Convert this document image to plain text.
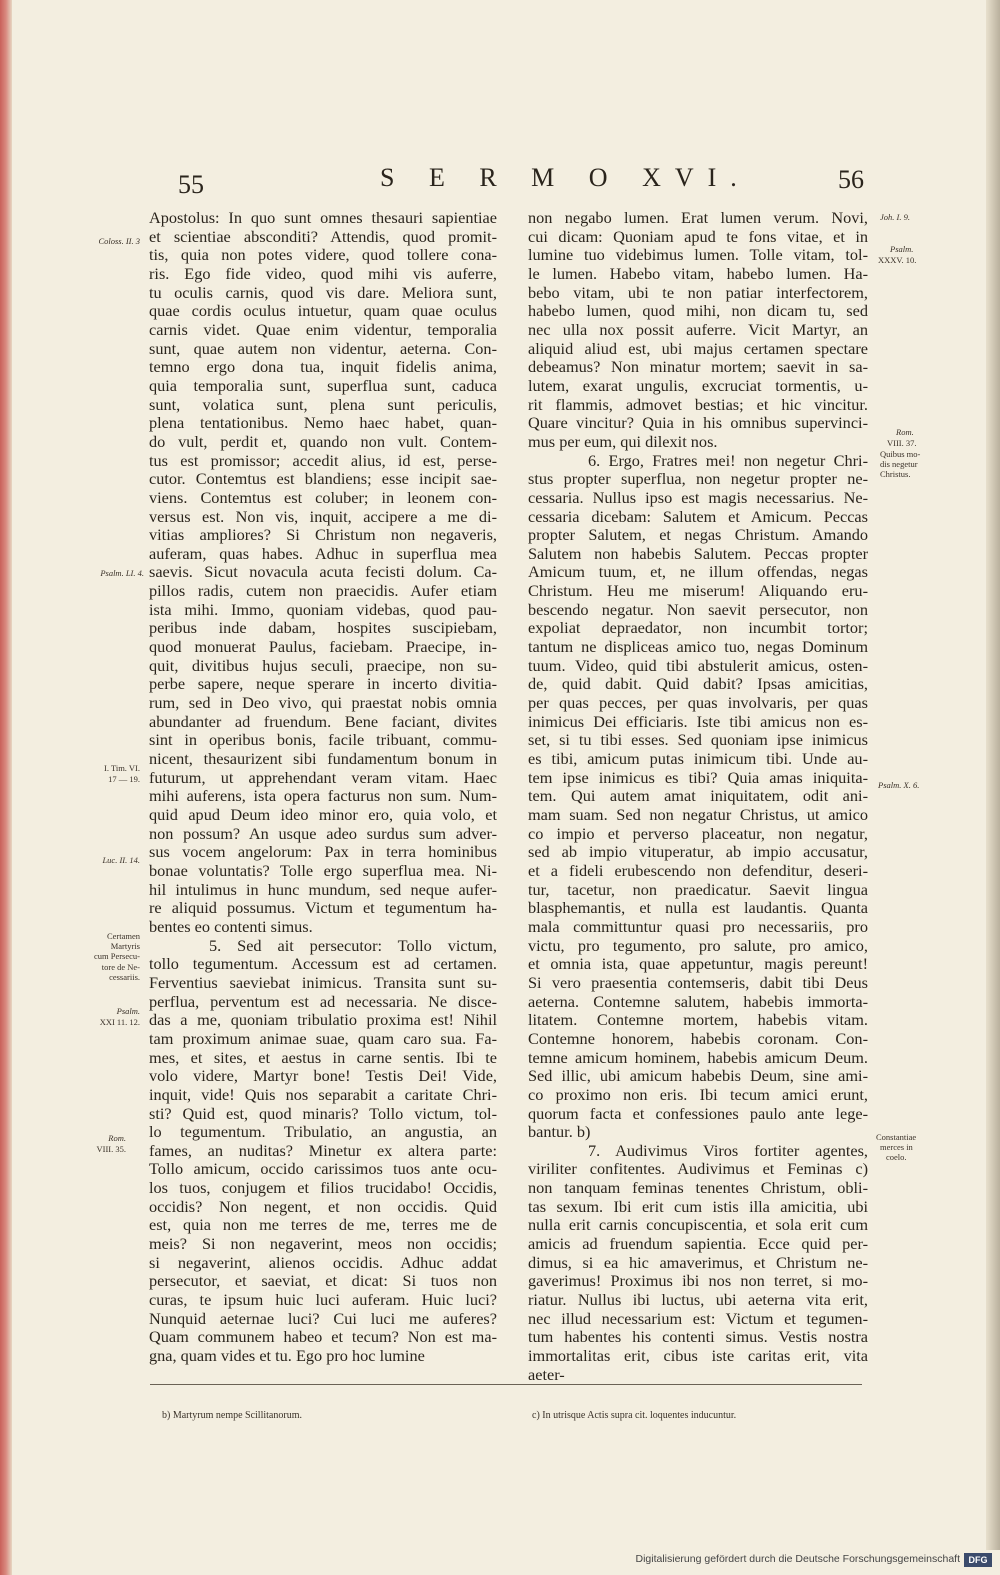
55	S E R M O XVI.	56
Apostolus: In quo sunt omnes thesauri sapientiae
et scientiae absconditi? Attendis, quod promit-
tis, quia non potes videre, quod tollere cona-
ris. Ego fide video, quod mihi vis auferre,
tu oculis carnis, quod vis dare. Meliora sunt,
quae cordis oculus intuetur, quam quae oculus
carnis videt. Quae enim videntur, temporalia
sunt, quae autem non videntur, aeterna. Con-
temno ergo dona tua, inquit fidelis anima,
quia temporalia sunt, superflua sunt, caduca
sunt, volatica sunt, plena sunt periculis,
plena tentationibus. Nemo haec habet, quan-
do vult, perdit et, quando non vult. Contem-
tus est promissor; accedit alius, id est, perse-
cutor. Contemtus est blandiens; esse incipit sae-
viens. Contemtus est coluber; in leonem con-
versus est. Non vis, inquit, accipere a me di-
vitias ampliores? Si Christum non negaveris,
auferam, quas habes. Adhuc in superflua mea
saevis. Sicut novacula acuta fecisti dolum. Ca-
pillos radis, cutem non praecidis. Aufer etiam
ista mihi. Immo, quoniam videbas, quod pau-
peribus inde dabam, hospites suscipiebam,
quod monuerat Paulus, faciebam. Praecipe, in-
quit, divitibus hujus seculi, praecipe, non su-
perbe sapere, neque sperare in incerto divitia-
rum, sed in Deo vivo, qui praestat nobis omnia
abundanter ad fruendum. Bene faciant, divites
sint in operibus bonis, facile tribuant, commu-
nicent, thesaurizent sibi fundamentum bonum in
futurum, ut apprehendant veram vitam. Haec
mihi auferens, ista opera facturus non sum. Num-
quid apud Deum ideo minor ero, quia volo, et
non possum? An usque adeo surdus sum adver-
sus vocem angelorum: Pax in terra hominibus
bonae voluntatis? Tolle ergo superflua mea. Ni-
hil intulimus in hunc mundum, sed neque aufer-
re aliquid possumus. Victum et tegumentum ha-
bentes eo contenti simus.
5. Sed ait persecutor: Tollo victum,
tollo tegumentum. Accessum est ad certamen.
Ferventius saeviebat inimicus. Transita sunt su-
perflua, perventum est ad necessaria. Ne disce-
das a me, quoniam tribulatio proxima est! Nihil
tam proximum animae suae, quam caro sua. Fa-
mes, et sites, et aestus in carne sentis. Ibi te
volo videre, Martyr bone! Testis Dei! Vide,
inquit, vide! Quis nos separabit a caritate Chri-
sti? Quid est, quod minaris? Tollo victum, tol-
lo tegumentum. Tribulatio, an angustia, an
fames, an nuditas? Minetur ex altera parte:
Tollo amicum, occido carissimos tuos ante ocu-
los tuos, conjugem et filios trucidabo! Occidis,
occidis? Non negent, et non occidis. Quid
est, quia non me terres de me, terres me de
meis? Si non negaverint, meos non occidis;
si negaverint, alienos occidis. Adhuc addat
persecutor, et saeviat, et dicat: Si tuos non
curas, te ipsum huic luci auferam. Huic luci?
Nunquid aeternae luci? Cui luci me auferes?
Quam communem habeo et tecum? Non est ma-
gna, quam vides et tu. Ego pro hoc lumine
non negabo lumen. Erat lumen verum. Novi,
cui dicam: Quoniam apud te fons vitae, et in
lumine tuo videbimus lumen. Tolle vitam, tol-
le lumen. Habebo vitam, habebo lumen. Ha-
bebo vitam, ubi te non patiar interfectorem,
habebo lumen, quod mihi, non dicam tu, sed
nec ulla nox possit auferre. Vicit Martyr, an
aliquid aliud est, ubi majus certamen spectare
debeamus? Non minatur mortem; saevit in sa-
lutem, exarat ungulis, excruciat tormentis, u-
rit flammis, admovet bestias; et hic vincitur.
Quare vincitur? Quia in his omnibus supervinci-
mus per eum, qui dilexit nos.
6. Ergo, Fratres mei! non negetur Chri-
stus propter superflua, non negetur propter ne-
cessaria. Nullus ipso est magis necessarius. Ne-
cessaria dicebam: Salutem et Amicum. Peccas
propter Salutem, et negas Christum. Amando
Salutem non habebis Salutem. Peccas propter
Amicum tuum, et, ne illum offendas, negas
Christum. Heu me miserum! Aliquando eru-
bescendo negatur. Non saevit persecutor, non
expoliat depraedator, non incumbit tortor;
tantum ne displiceas amico tuo, negas Dominum
tuum. Video, quid tibi abstulerit amicus, osten-
de, quid dabit. Quid dabit? Ipsas amicitias,
per quas pecces, per quas involvaris, per quas
inimicus Dei efficiaris. Iste tibi amicus non es-
set, si tu tibi esses. Sed quoniam ipse inimicus
es tibi, amicum putas inimicum tibi. Unde au-
tem ipse inimicus es tibi? Quia amas iniquita-
tem. Qui autem amat iniquitatem, odit ani-
mam suam. Sed non negatur Christus, ut amico
co impio et perverso placeatur, non negatur,
sed ab impio vituperatur, ab impio accusatur,
et a fideli erubescendo non defenditur, deseri-
tur, tacetur, non praedicatur. Saevit lingua
blasphemantis, et nulla est laudantis. Quanta
mala committuntur quasi pro necessariis, pro
victu, pro tegumento, pro salute, pro amico,
et omnia ista, quae appetuntur, magis pereunt!
Si vero praesentia contemseris, dabit tibi Deus
aeterna. Contemne salutem, habebis immorta-
litatem. Contemne mortem, habebis vitam.
Contemne honorem, habebis coronam. Con-
temne amicum hominem, habebis amicum Deum.
Sed illic, ubi amicum habebis Deum, sine ami-
co proximo non eris. Ibi tecum amici erunt,
quorum facta et confessiones paulo ante lege-
bantur. b)
7. Audivimus Viros fortiter agentes,
viriliter confitentes. Audivimus et Feminas c)
non tanquam feminas tenentes Christum, obli-
tas sexum. Ibi erit cum istis illa amicitia, ubi
nulla erit carnis concupiscentia, et sola erit cum
amicis ad fruendum sapientia. Ecce quid per-
dimus, si ea hic amaverimus, et Christum ne-
gaverimus! Proximus ibi nos non terret, si mo-
riatur. Nullus ibi luctus, ubi aeterna vita erit,
nec illud necessarium est: Victum et tegumen-
tum habentes his contenti simus. Vestis nostra
immortalitas erit, cibus iste caritas erit, vita
aeter-
Coloss. II. 3
Psalm. LI. 4.
I. Tim. VI.
17 — 19.
Luc. II. 14.
Certamen
Martyris
cum Persecu-
tore de Ne-
cessariis.
Psalm.
XXI 11. 12.
Rom.
VIII. 35.
Joh. I. 9.
Psalm.
XXXV. 10.
Rom.
VIII. 37.
Quibus mo-
dis negetur
Christus.
Psalm. X. 6.
Constantiae
merces in
coelo.
b) Martyrum nempe Scillitanorum.	c) In utrisque Actis supra cit. loquentes inducuntur.
Digitalisierung gefördert durch die Deutsche Forschungsgemeinschaft DFG
